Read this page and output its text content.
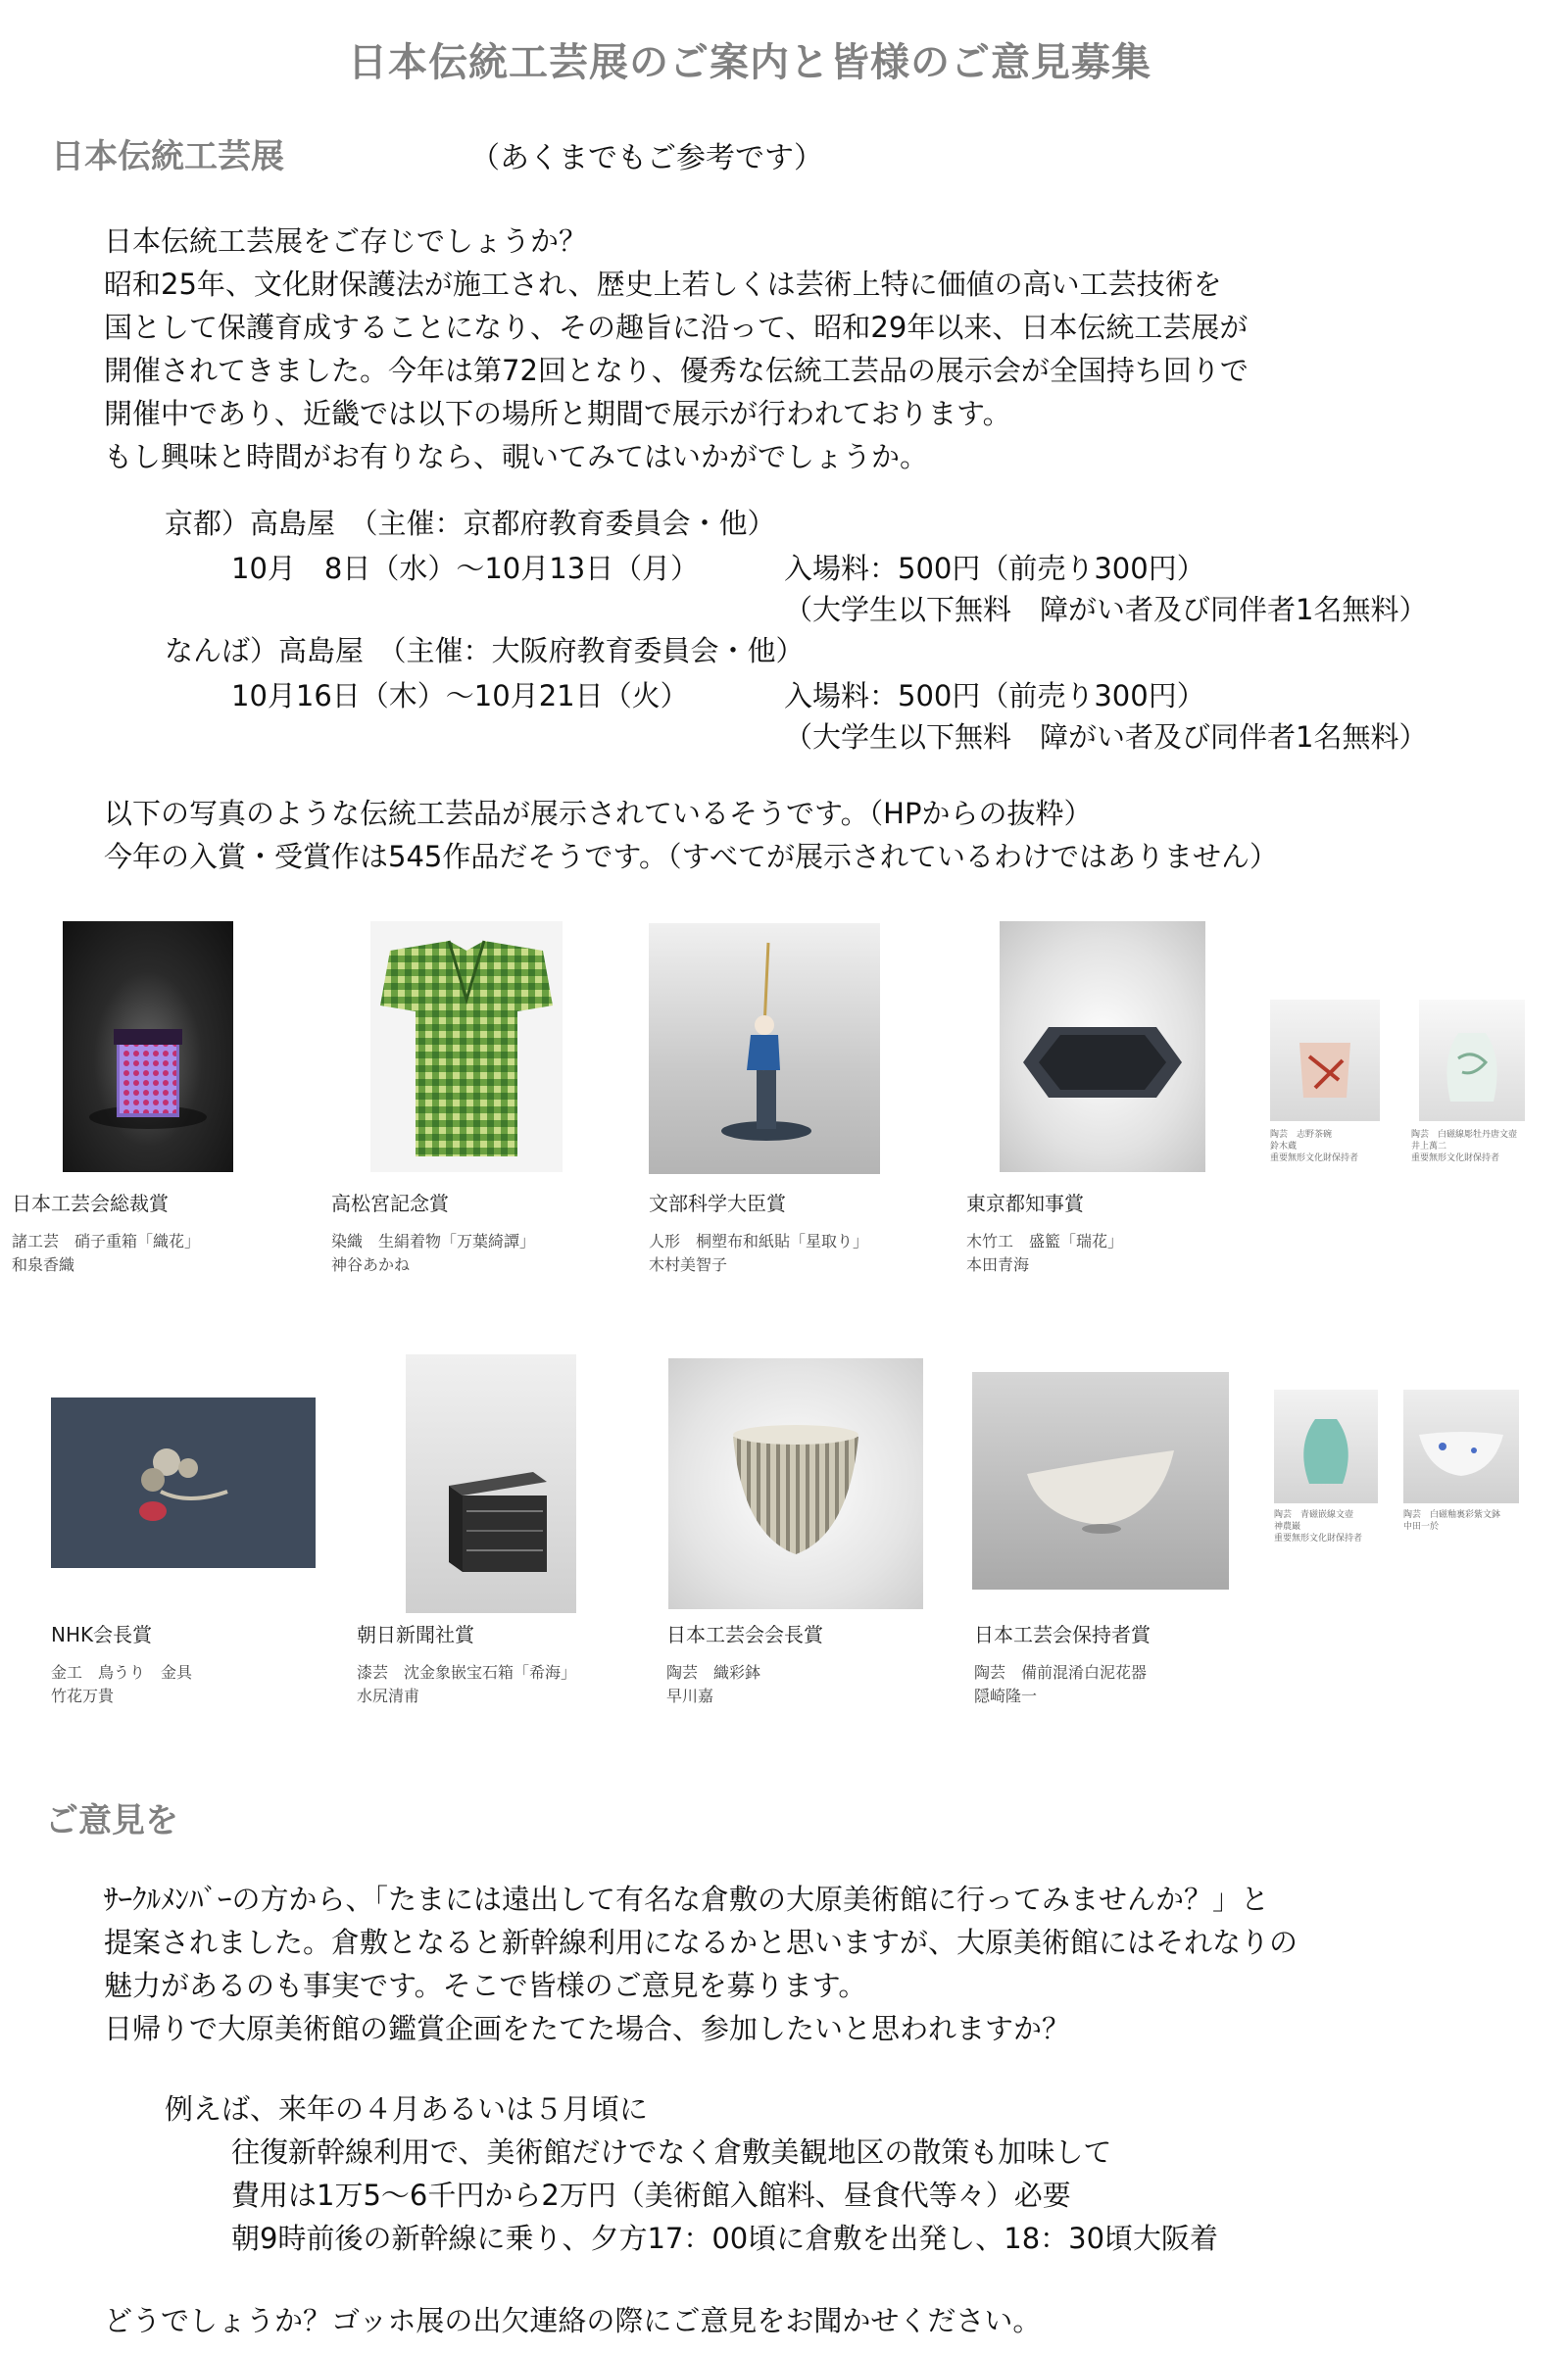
日本伝統工芸展のご案内と皆様のご意見募集
日本伝統工芸展	（あくまでもご参考です）

日本伝統工芸展をご存じでしょうか？

昭和25年、文化財保護法が施工され、歴史上若しくは芸術上特に価値の高い工芸技術を

国として保護育成することになり、その趣旨に沿って、昭和29年以来、日本伝統工芸展が

開催されてきました。今年は第72回となり、優秀な伝統工芸品の展示会が全国持ち回りで

開催中であり、近畿では以下の場所と期間で展示が行われております。

もし興味と時間がお有りなら、覗いてみてはいかがでしょうか。

京都）高島屋　（主催：京都府教育委員会・他）
10月　8日（水）～10月13日（月）	入場料：500円（前売り300円）
（大学生以下無料　障がい者及び同伴者1名無料）
なんば）高島屋　（主催：大阪府教育委員会・他）
10月16日（木）～10月21日（火）	入場料：500円（前売り300円）
（大学生以下無料　障がい者及び同伴者1名無料）

以下の写真のような伝統工芸品が展示されているそうです。（HPからの抜粋）

今年の入賞・受賞作は545作品だそうです。（すべてが展示されているわけではありません）

日本工芸会総裁賞
諸工芸　硝子重箱「織花」
和泉香織
高松宮記念賞
染織　生絹着物「万葉綺譚」
神谷あかね
文部科学大臣賞
人形　桐塑布和紙貼「星取り」
木村美智子
東京都知事賞
木竹工　盛籃「瑞花」
本田青海
陶芸　志野茶碗
鈴木蔵
重要無形文化財保持者
陶芸　白磁線彫牡丹唐文壺
井上萬二
重要無形文化財保持者
NHK会長賞
金工　鳥うり　金具
竹花万貴
朝日新聞社賞
漆芸　沈金象嵌宝石箱「希海」
水尻清甫
日本工芸会会長賞
陶芸　織彩鉢
早川嘉
日本工芸会保持者賞
陶芸　備前混淆白泥花器
隠崎隆一
陶芸　青磁嵌線文壺
神農巌
重要無形文化財保持者
陶芸　白磁釉裏彩紫文鉢
中田一於
ご意見を

ｻｰｸﾙﾒﾝﾊﾞｰの方から、「たまには遠出して有名な倉敷の大原美術館に行ってみませんか？」と

提案されました。倉敷となると新幹線利用になるかと思いますが、大原美術館にはそれなりの

魅力があるのも事実です。そこで皆様のご意見を募ります。

日帰りで大原美術館の鑑賞企画をたてた場合、参加したいと思われますか？

例えば、来年の４月あるいは５月頃に
往復新幹線利用で、美術館だけでなく倉敷美観地区の散策も加味して
費用は1万5～6千円から2万円（美術館入館料、昼食代等々）必要
朝9時前後の新幹線に乗り、夕方17：00頃に倉敷を出発し、18：30頃大阪着
どうでしょうか？ゴッホ展の出欠連絡の際にご意見をお聞かせください。
